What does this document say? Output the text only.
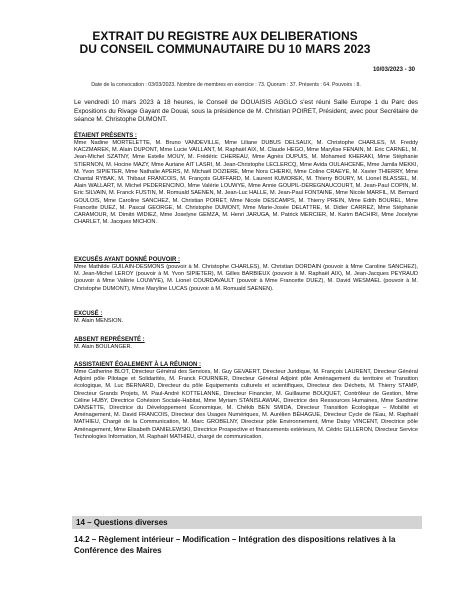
EXTRAIT DU REGISTRE AUX DELIBERATIONS
DU CONSEIL COMMUNAUTAIRE DU 10 MARS 2023
10/03/2023 - 30
Date de la convocation : 03/03/2023. Nombre de membres en exercice : 73. Quorum : 37. Présents : 64. Pouvoirs : 8.
Le vendredi 10 mars 2023 à 18 heures, le Conseil de DOUAISIS AGGLO s'est réuni Salle Europe 1 du Parc des Expositions du Rivage Gayant de Douai, sous la présidence de M. Christian POIRET, Président, avec pour Secrétaire de séance M. Christophe DUMONT.
ÉTAIENT PRÉSENTS :
Mme Nadine MORTELETTE, M. Bruno VANDEVILLE, Mme Liliane DUBUS DELSAUX, M. Christophe CHARLES, M. Freddy KACZMAREK, M. Alain DUPONT, Mme Lucie VAILLANT, M. Raphaël AIX, M. Claude HEGO, Mme Marylise FENAIN, M. Eric CARNEL, M. Jean-Michel SZATNY, Mme Estelle MOUY, M. Frédéric CHEREAU, Mme Agnès DUPUIS, M. Mohamed KHERAKI, Mme Stéphanie STIERNON, M. Hocine MAZY, Mme Auriane AIT LASRI, M. Jean-Christophe LECLERCQ, Mme Avida OULAHCENE, Mme Jamila MEKKI, M. Yvon SIPIETER, Mme Nathalie APERS, M. Michaël DOZIERE, Mme Nora CHERKI, Mme Coline CRAEYE, M. Xavier THIERRY, Mme Chantal RYBAK, M. Thibaut FRANCOIS, M. François GUIFFARD, M. Laurent KUMOREK, M. Thierry BOURY, M. Lionel BLASSEL, M. Alain WALLART, M. Michel PEDERENCINO, Mme Valérie LOUWYE, Mme Annie GOUPIL-DEREGNAUCOURT, M. Jean-Paul COPIN, M. Eric SILVAIN, M. Franck FUSTIN, M. Romuald SAENEN, M. Jean-Luc HALLE, M. Jean-Paul FONTAINE, Mme Nicole MARFIL, M. Bernard GOULOIS, Mme Caroline SANCHEZ, M. Christian POIRET, Mme Nicole DESCAMPS, M. Thierry PREIN, Mme Edith BOUREL, Mme Francette DUEZ, M. Pascal GEORGE, M. Christophe DUMONT, Mme Marie-Josée DELATTRE, M. Didier CARREZ, Mme Stéphanie CARAMOUR, M. Dimitri WIDIEZ, Mme Joselyne GEMZA, M. Henri JARUGA, M. Patrick MERCIER, M. Karim BACHIRI, Mme Jocelyne CHARLET, M. Jacques MICHON.
EXCUSÉS AYANT DONNÉ POUVOIR :
Mme Mathilde GUILAIN-DESMONS (pouvoir à M. Christophe CHARLES), M. Christian DORDAIN (pouvoir à Mme Caroline SANCHEZ), M. Jean-Michel LEROY (pouvoir à M. Yvon SIPIETER), M. Gilles BARBIEUX (pouvoir à M. Raphaël AIX), M. Jean-Jacques PEYRAUD (pouvoir à Mme Valérie LOUWYE), M. Lionel COURDAVAULT (pouvoir à Mme Francette DUEZ), M. David WESMAEL (pouvoir à M. Christophe DUMONT), Mme Maryline LUCAS (pouvoir à M. Romuald SAENEN).
EXCUSÉ :
M. Alain MENSION.
ABSENT REPRÉSENTÉ :
M. Alain BOULANGER.
ASSISTAIENT ÉGALEMENT À LA RÉUNION :
Mme Catherine BLOT, Directeur Général des Services, M. Guy GEVAERT, Directeur Juridique, M. François LAURENT, Directeur Général Adjoint pôle Pilotage et Solidarités, M. Franck FOURNIER, Directeur Général Adjoint pôle Aménagement du territoire et Transition écologique, M. Luc BERNARD, Directeur du pôle Equipements culturels et scientifiques, Directeur des Déchets, M. Thierry STAMP, Directeur Grands Projets, M. Paul-André KOTTELANNE, Directeur Financier, M. Guillaume BOUQUET, Contrôleur de Gestion, Mme Céline HUBY, Directrice Cohésion Sociale-Habitat, Mme Myriam STANISLAWIAK, Directrice des Ressources Humaines, Mme Sandrine DANSETTE, Directrice du Développement Économique, M. Chékib BEN SMIDA, Directeur Transition Ecologique – Mobilité et Aménagement, M. David FRANCOIS, Directeur des Usages Numériques, M. Aurélien BÉHAGUE, Directeur Cycle de l'Eau, M. Raphaël MATHIEU, Chargé de la Communication, M. Marc GROBELNY, Directeur pôle Environnement, Mme Daisy VINCENT, Directrice pôle Aménagement, Mme Elisabeth DANIELEWSKI, Directrice Prospective et financements extérieurs, M. Cédric GILLERON, Directeur Service Technologies Information, M. Raphaël MATHIEU, chargé de communication.
14 – Questions diverses
14.2 – Règlement intérieur – Modification – Intégration des dispositions relatives à la Conférence des Maires
